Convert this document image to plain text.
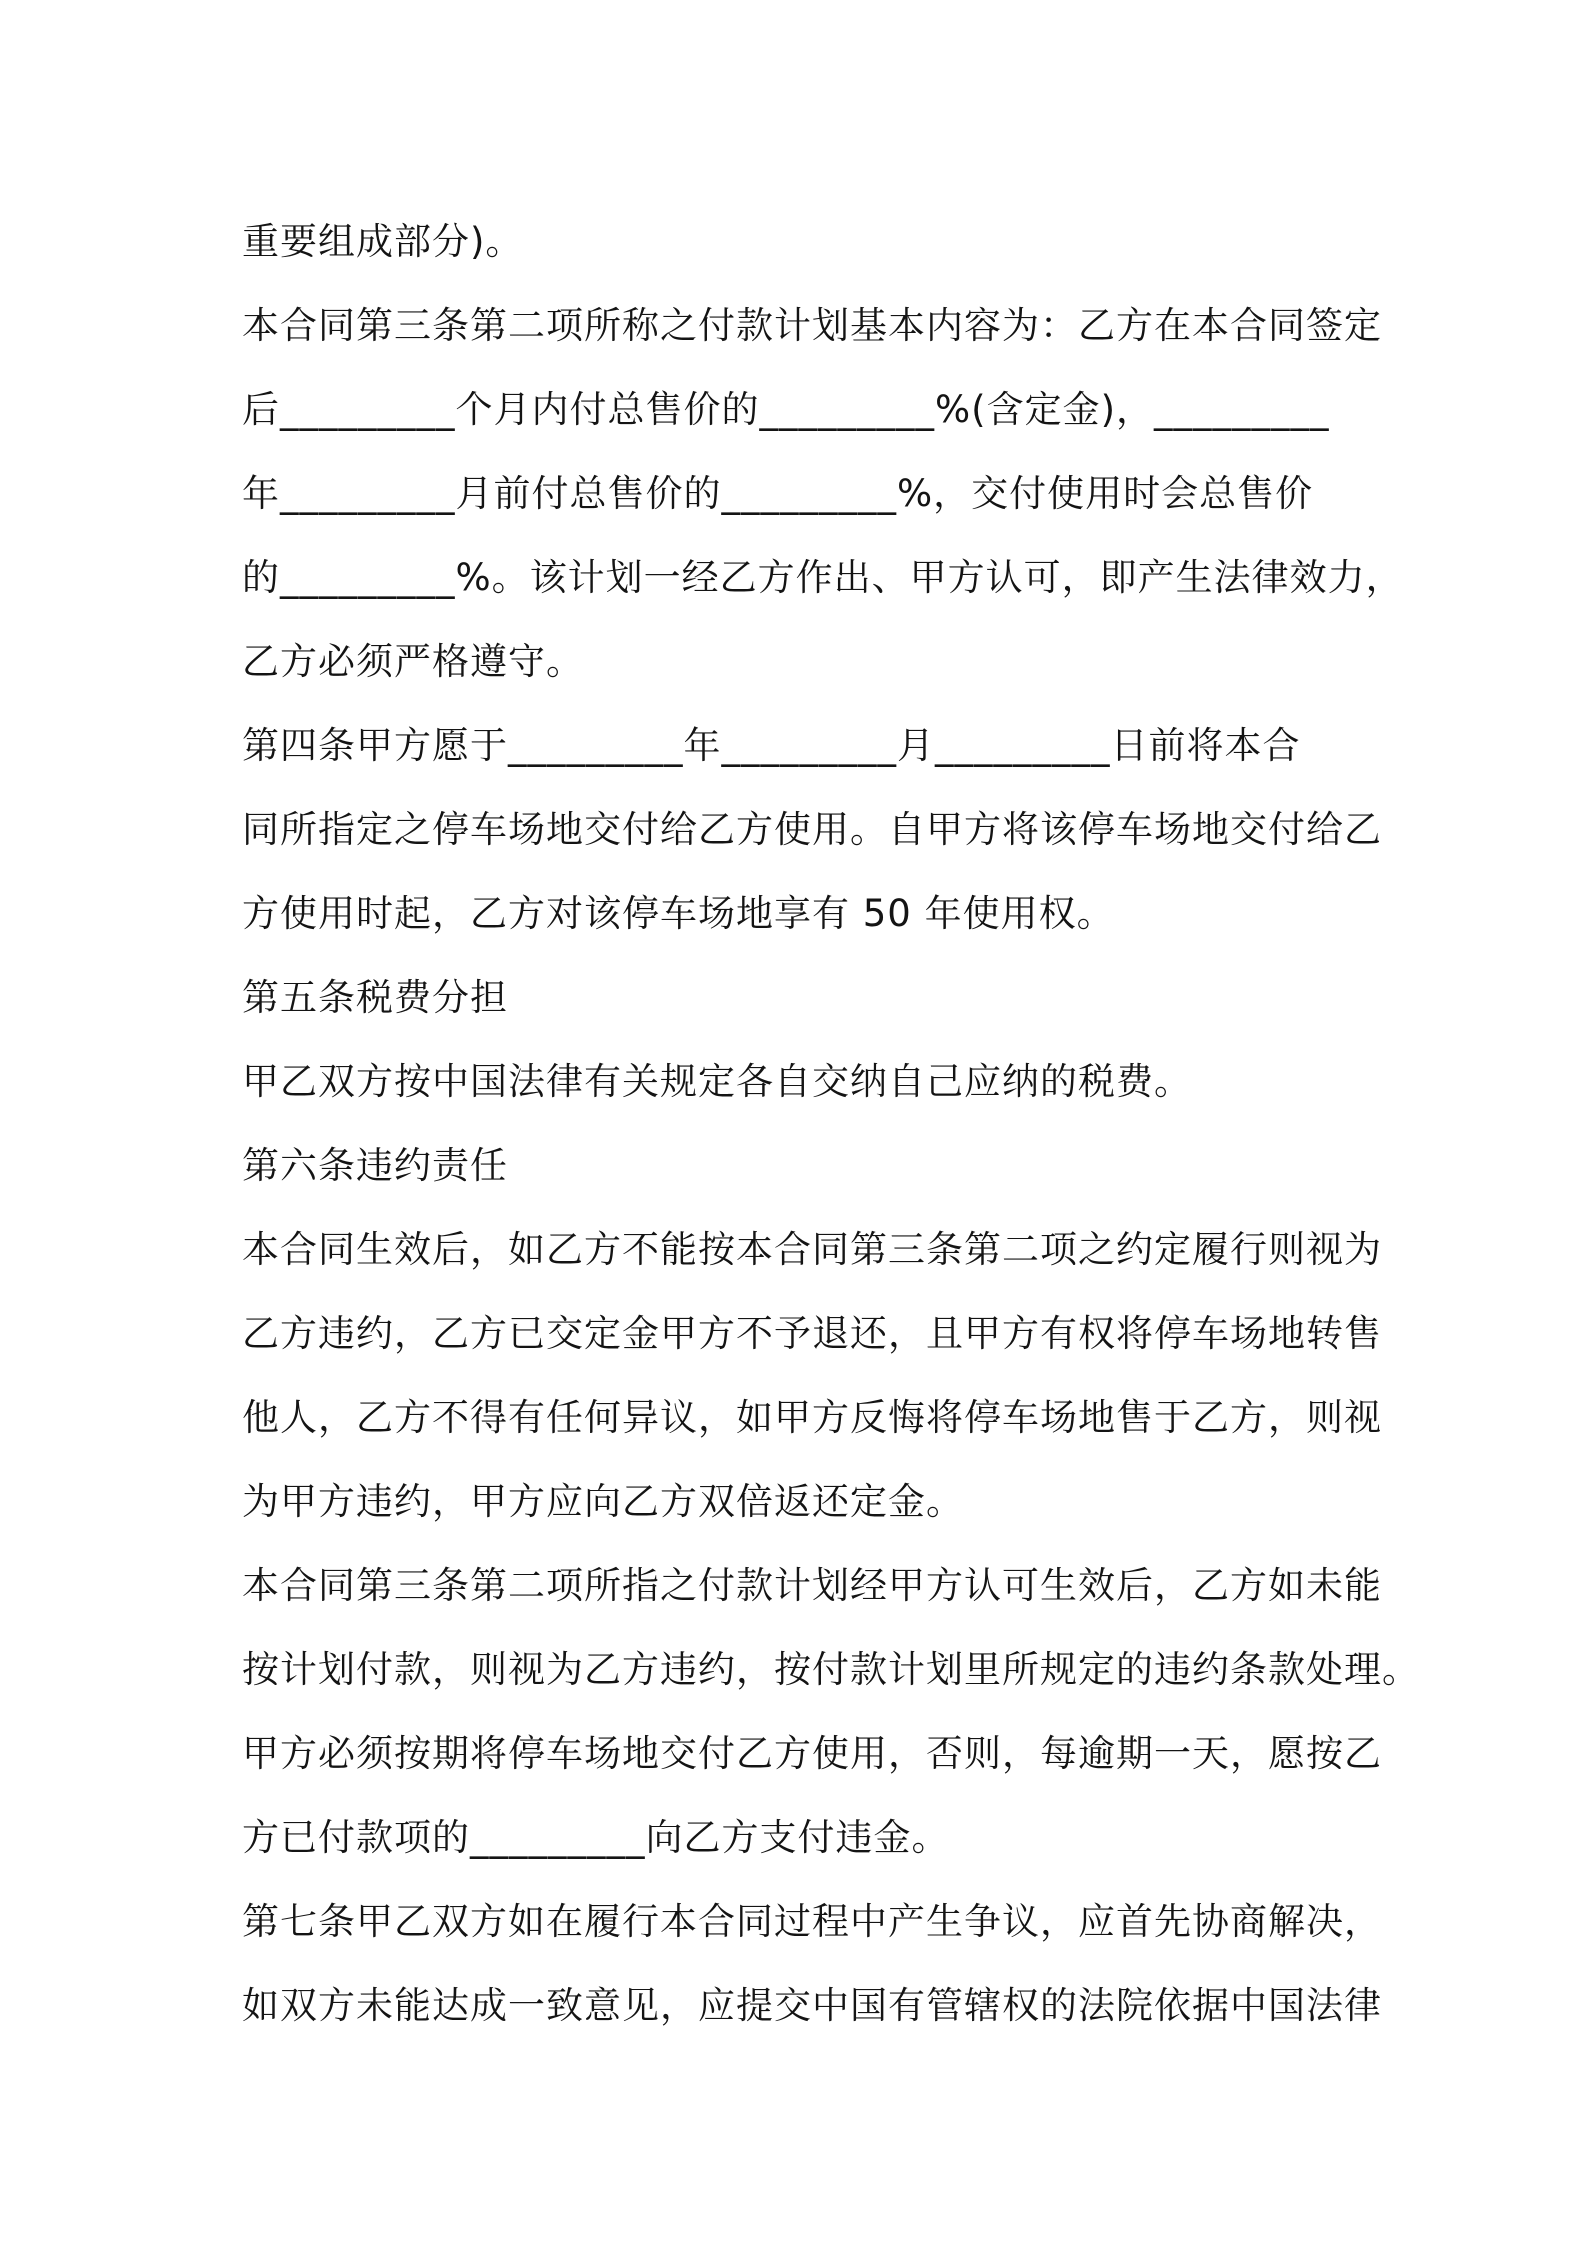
重要组成部分)。
本合同第三条第二项所称之付款计划基本内容为：乙方在本合同签定
后_________个月内付总售价的_________%(含定金)，_________
年_________月前付总售价的_________%，交付使用时会总售价
的_________%。该计划一经乙方作出、甲方认可，即产生法律效力，
乙方必须严格遵守。
第四条甲方愿于_________年_________月_________日前将本合
同所指定之停车场地交付给乙方使用。自甲方将该停车场地交付给乙
方使用时起，乙方对该停车场地享有 50 年使用权。
第五条税费分担
甲乙双方按中国法律有关规定各自交纳自己应纳的税费。
第六条违约责任
本合同生效后，如乙方不能按本合同第三条第二项之约定履行则视为
乙方违约，乙方已交定金甲方不予退还，且甲方有权将停车场地转售
他人，乙方不得有任何异议，如甲方反悔将停车场地售于乙方，则视
为甲方违约，甲方应向乙方双倍返还定金。
本合同第三条第二项所指之付款计划经甲方认可生效后，乙方如未能
按计划付款，则视为乙方违约，按付款计划里所规定的违约条款处理。
甲方必须按期将停车场地交付乙方使用，否则，每逾期一天，愿按乙
方已付款项的_________向乙方支付违金。
第七条甲乙双方如在履行本合同过程中产生争议，应首先协商解决，
如双方未能达成一致意见，应提交中国有管辖权的法院依据中国法律
